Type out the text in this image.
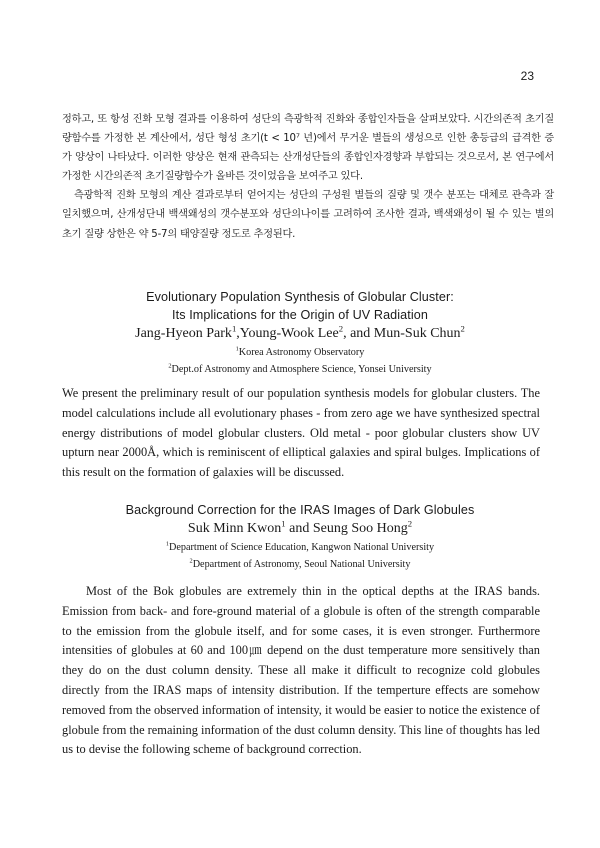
23

정하고, 또 항성 진화 모형 결과를 이용하여 성단의 측광학적 진화와 종합인자들을 살펴보았다. 시간의존적 초기질량함수를 가정한 본 계산에서, 성단 형성 초기(t < 10⁷ 년)에서 무거운 별들의 생성으로 인한 총등급의 급격한 증가 양상이 나타났다. 이러한 양상은 현재 관측되는 산개성단들의 종합인자경향과 부합되는 것으로서, 본 연구에서 가정한 시간의존적 초기질량함수가 올바른 것이었음을 보여주고 있다.

측광학적 진화 모형의 계산 결과로부터 얻어지는 성단의 구성원 별들의 질량 및 갯수 분포는 대체로 관측과 잘 일치했으며, 산개성단내 백색왜성의 갯수분포와 성단의나이를 고려하여 조사한 결과, 백색왜성이 될 수 있는 별의 초기 질량 상한은 약 5-7의 태양질량 정도로 추정된다.

Evolutionary Population Synthesis of Globular Cluster:
Its Implications for the Origin of UV Radiation
Jang-Hyeon Park$^1$,Young-Wook Lee$^2$, and Mun-Suk Chun$^2$
$^1$Korea Astronomy Observatory
$^2$Dept.of Astronomy and Atmosphere Science, Yonsei University

We present the preliminary result of our population synthesis models for globular clusters. The model calculations include all evolutionary phases - from zero age we have synthesized spectral energy distributions of model globular clusters. Old metal - poor globular clusters show UV upturn near 2000Å, which is reminiscent of elliptical galaxies and spiral bulges. Implications of this result on the formation of galaxies will be discussed.

Background Correction for the IRAS Images of Dark Globules
Suk Minn Kwon$^1$ and Seung Soo Hong$^2$
$^1$Department of Science Education, Kangwon National University
$^2$Department of Astronomy, Seoul National University

Most of the Bok globules are extremely thin in the optical depths at the IRAS bands. Emission from back- and fore-ground material of a globule is often of the strength comparable to the emission from the globule itself, and for some cases, it is even stronger. Furthermore intensities of globules at 60 and 100㎛ depend on the dust temperature more sensitively than they do on the dust column density. These all make it difficult to recognize cold globules directly from the IRAS maps of intensity distribution. If the temperture effects are somehow removed from the observed information of intensity, it would be easier to notice the existence of globule from the remaining information of the dust column density. This line of thoughts has led us to devise the following scheme of background correction.
